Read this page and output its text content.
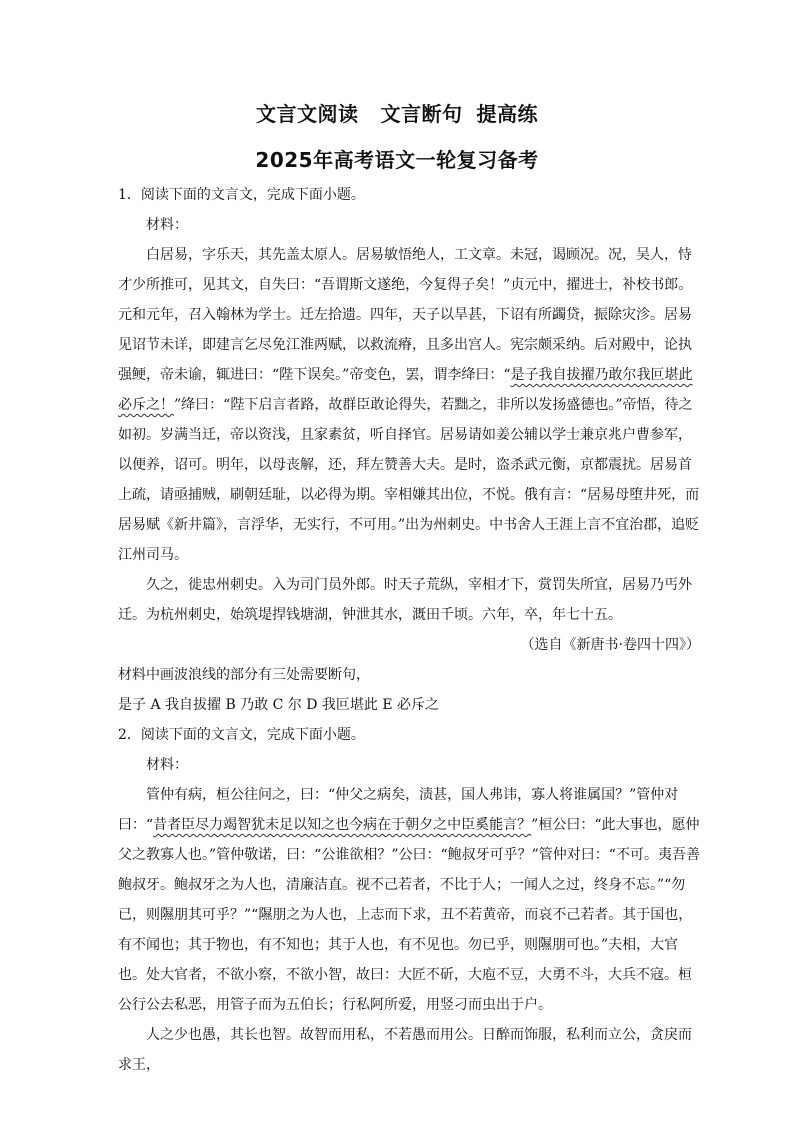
文言文阅读 文言断句 提高练
2025年高考语文一轮复习备考

1．阅读下面的文言文，完成下面小题。

材料：

白居易，字乐天，其先盖太原人。居易敏悟绝人，工文章。未冠，谒顾况。况，吴人，恃才少所推可，见其文，自失曰：“吾谓斯文遂绝，今复得子矣！”贞元中，擢进士，补校书郎。元和元年，召入翰林为学士。迁左拾遗。四年，天子以旱甚，下诏有所蠲贷，振除灾沴。居易见诏节未详，即建言乞尽免江淮两赋，以救流瘠，且多出宫人。宪宗颇采纳。后对殿中，论执强鲠，帝未谕，辄进曰：“陛下误矣。”帝变色，罢，谓李绛曰：“是子我自拔擢乃敢尔我叵堪此必斥之！”绛曰：“陛下启言者路，故群臣敢论得失，若黜之，非所以发扬盛德也。”帝悟，待之如初。岁满当迁，帝以资浅，且家素贫，听自择官。居易请如姜公辅以学士兼京兆户曹参军，以便养，诏可。明年，以母丧解，还，拜左赞善大夫。是时，盗杀武元衡，京都震扰。居易首上疏，请亟捕贼，刷朝廷耻，以必得为期。宰相嫌其出位，不悦。俄有言：“居易母堕井死，而居易赋《新井篇》，言浮华，无实行，不可用。”出为州刺史。中书舍人王涯上言不宜治郡，追贬江州司马。

久之，徙忠州刺史。入为司门员外郎。时天子荒纵，宰相才下，赏罚失所宜，居易乃丐外迁。为杭州刺史，始筑堤捍钱塘湖，钟泄其水，溉田千顷。六年，卒，年七十五。

（选自《新唐书·卷四十四》）

材料中画波浪线的部分有三处需要断句，

是子 A 我自拔擢 B 乃敢 C 尔 D 我叵堪此 E 必斥之

2．阅读下面的文言文，完成下面小题。

材料：

管仲有病，桓公往问之，曰：“仲父之病矣，渍甚，国人弗讳，寡人将谁属国？”管仲对曰：“昔者臣尽力竭智犹未足以知之也今病在于朝夕之中臣奚能言？”桓公曰：“此大事也，愿仲父之教寡人也。”管仲敬诺，曰：“公谁欲相？”公曰：“鲍叔牙可乎？”管仲对曰：“不可。夷吾善鲍叔牙。鲍叔牙之为人也，清廉洁直。视不己若者，不比于人；一闻人之过，终身不忘。”“勿已，则隰朋其可乎？”“隰朋之为人也，上志而下求，丑不若黄帝，而哀不己若者。其于国也，有不闻也；其于物也，有不知也；其于人也，有不见也。勿已乎，则隰朋可也。”夫相，大官也。处大官者，不欲小察，不欲小智，故曰：大匠不斫，大庖不豆，大勇不斗，大兵不寇。桓公行公去私恶，用管子而为五伯长；行私阿所爱，用竖刁而虫出于户。

人之少也愚，其长也智。故智而用私，不若愚而用公。日醉而饰服，私利而立公，贪戾而求王，
